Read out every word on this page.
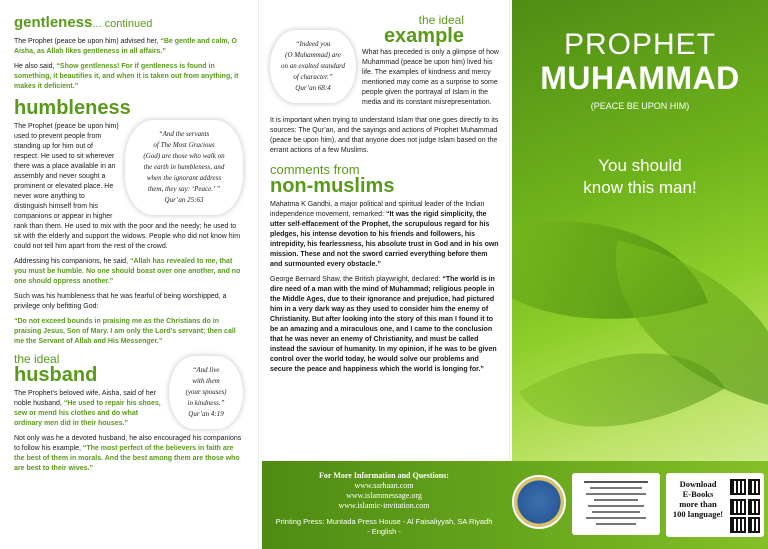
gentleness... continued

The Prophet (peace be upon him) advised her, “Be gentle and calm, O Aisha, as Allah likes gentleness in all affairs.”

He also said, “Show gentleness! For if gentleness is found in something, it beautifies it, and when it is taken out from anything, it makes it deficient.”

humbleness
“And the servants
of The Most Gracious
(God) are those who walk on
the earth in humbleness, and
when the ignorant address
them, they say: ‘Peace.’ ”
Qur’an 25:63

The Prophet (peace be upon him) used to prevent people from standing up for him out of respect. He used to sit wherever there was a place available in an assembly and never sought a prominent or elevated place. He never wore anything to distinguish himself from his companions or appear in higher rank than them. He used to mix with the poor and the needy; he used to sit with the elderly and support the widows. People who did not know him could not tell him apart from the rest of the crowd.

Addressing his companions, he said, “Allah has revealed to me, that you must be humble. No one should boast over one another, and no one should oppress another.”

Such was his humbleness that he was fearful of being worshipped, a privilege only befitting God:

“Do not exceed bounds in praising me as the Christians do in praising Jesus, Son of Mary. I am only the Lord’s servant; then call me the Servant of Allah and His Messenger.”

“And live
with them
(your spouses)
in kindness.”
Qur’an 4:19
the ideal
husband

The Prophet’s beloved wife, Aisha, said of her noble husband, “He used to repair his shoes, sew or mend his clothes and do what ordinary men did in their houses.”

Not only was he a devoted husband, he also encouraged his companions to follow his example, “The most perfect of the believers in faith are the best of them in morals. And the best among them are those who are best to their wives.”

“Indeed you
(O Muhammad) are
on an exalted standard
of character.”
Qur’an 68:4
the ideal
example

What has preceded is only a glimpse of how Muhammad (peace be upon him) lived his life. The examples of kindness and mercy mentioned may come as a surprise to some people given the portrayal of Islam in the media and its constant misrepresentation.

It is important when trying to understand Islam that one goes directly to its sources: The Qur’an, and the sayings and actions of Prophet Muhammad (peace be upon him), and that anyone does not judge Islam based on the errant actions of a few Muslims.

comments from
non-muslims

Mahatma K Gandhi, a major political and spiritual leader of the Indian independence movement, remarked: “It was the rigid simplicity, the utter self-effacement of the Prophet, the scrupulous regard for his pledges, his intense devotion to his friends and followers, his intrepidity, his fearlessness, his absolute trust in God and in his own mission. These and not the sword carried everything before them and surmounted every obstacle.”

George Bernard Shaw, the British playwright, declared: “The world is in dire need of a man with the mind of Muhammad; religious people in the Middle Ages, due to their ignorance and prejudice, had pictured him in a very dark way as they used to consider him the enemy of Christianity. But after looking into the story of this man I found it to be an amazing and a miraculous one, and I came to the conclusion that he was never an enemy of Christianity, and must be called instead the saviour of humanity. In my opinion, if he was to be given control over the world today, he would solve our problems and secure the peace and happiness which the world is longing for.”

PROPHET
MUHAMMAD
(PEACE BE UPON HIM)
You should
know this man!
For More Information and Questions:
www.sarhaan.com
www.islammessage.org
www.islamic-invitation.com
Printing Press: Muntada Press House - Al Faisaliyyah, SA Riyadh
- English -
Download
E-Books
more than
100 language!
